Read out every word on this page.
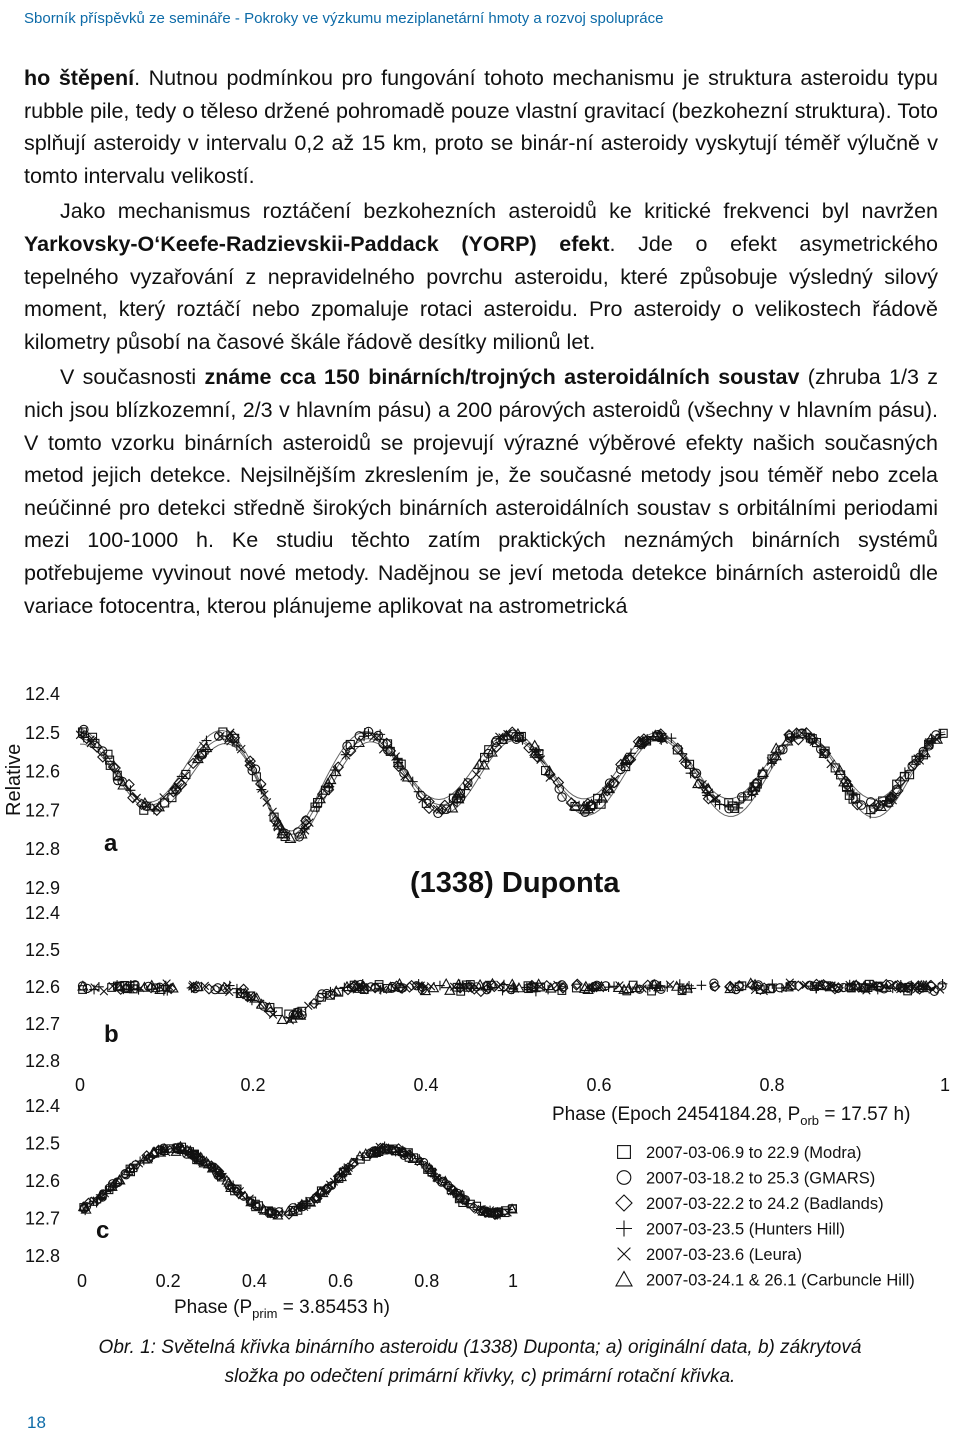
Sborník příspěvků ze semináře - Pokroky ve výzkumu meziplanetární hmoty a rozvoj spolupráce

ho štěpení. Nutnou podmínkou pro fungování tohoto mechanismu je struktura asteroidu typu rubble pile, tedy o těleso držené pohromadě pouze vlastní gravitací (bezkohezní struktura). Toto splňují asteroidy v intervalu 0,2 až 15 km, proto se binár-ní asteroidy vyskytují téměř výlučně v tomto intervalu velikostí.

Jako mechanismus roztáčení bezkohezních asteroidů ke kritické frekvenci byl navržen Yarkovsky-O‘Keefe-Radzievskii-Paddack (YORP) efekt. Jde o efekt asymetrického tepelného vyzařování z nepravidelného povrchu asteroidu, které způsobuje výsledný silový moment, který roztáčí nebo zpomaluje rotaci asteroidu. Pro asteroidy o velikostech řádově kilometry působí na časové škále řádově desítky milionů let.

V současnosti známe cca 150 binárních/trojných asteroidálních soustav (zhruba 1/3 z nich jsou blízkozemní, 2/3 v hlavním pásu) a 200 párových asteroidů (všechny v hlavním pásu). V tomto vzorku binárních asteroidů se projevují výrazné výběrové efekty našich současných metod jejich detekce. Nejsilnějším zkreslením je, že současné metody jsou téměř nebo zcela neúčinné pro detekci středně širokých binárních asteroidálních soustav s orbitálními periodami mezi 100-1000 h. Ke studiu těchto zatím praktických neznámých binárních systémů potřebujeme vyvinout nové metody. Nadějnou se jeví metoda detekce binárních asteroidů dle variace fotocentra, kterou plánujeme aplikovat na astrometrická

12.4
12.5
12.6
12.7
12.8
12.9
Relative
a
(1338) Duponta
12.4
12.5
12.6
12.7
12.8
0	0.2	0.4	0.6	0.8	1
b
Phase (Epoch 2454184.28, $P_{orb} = 17.57$ h)
12.4
12.5
12.6
12.7
12.8
0	0.2	0.4	0.6	0.8	1
c
Phase ($P_{prim} = 3.85453$ h)
2007-03-06.9 to 22.9 (Modra)
2007-03-18.2 to 25.3 (GMARS)
2007-03-22.2 to 24.2 (Badlands)
2007-03-23.5 (Hunters Hill)
2007-03-23.6 (Leura)
2007-03-24.1 & 26.1 (Carbuncle Hill)
Obr. 1: Světelná křivka binárního asteroidu (1338) Duponta; a) originální data, b) zákrytová
složka po odečtení primární křivky, c) primární rotační křivka.
18
